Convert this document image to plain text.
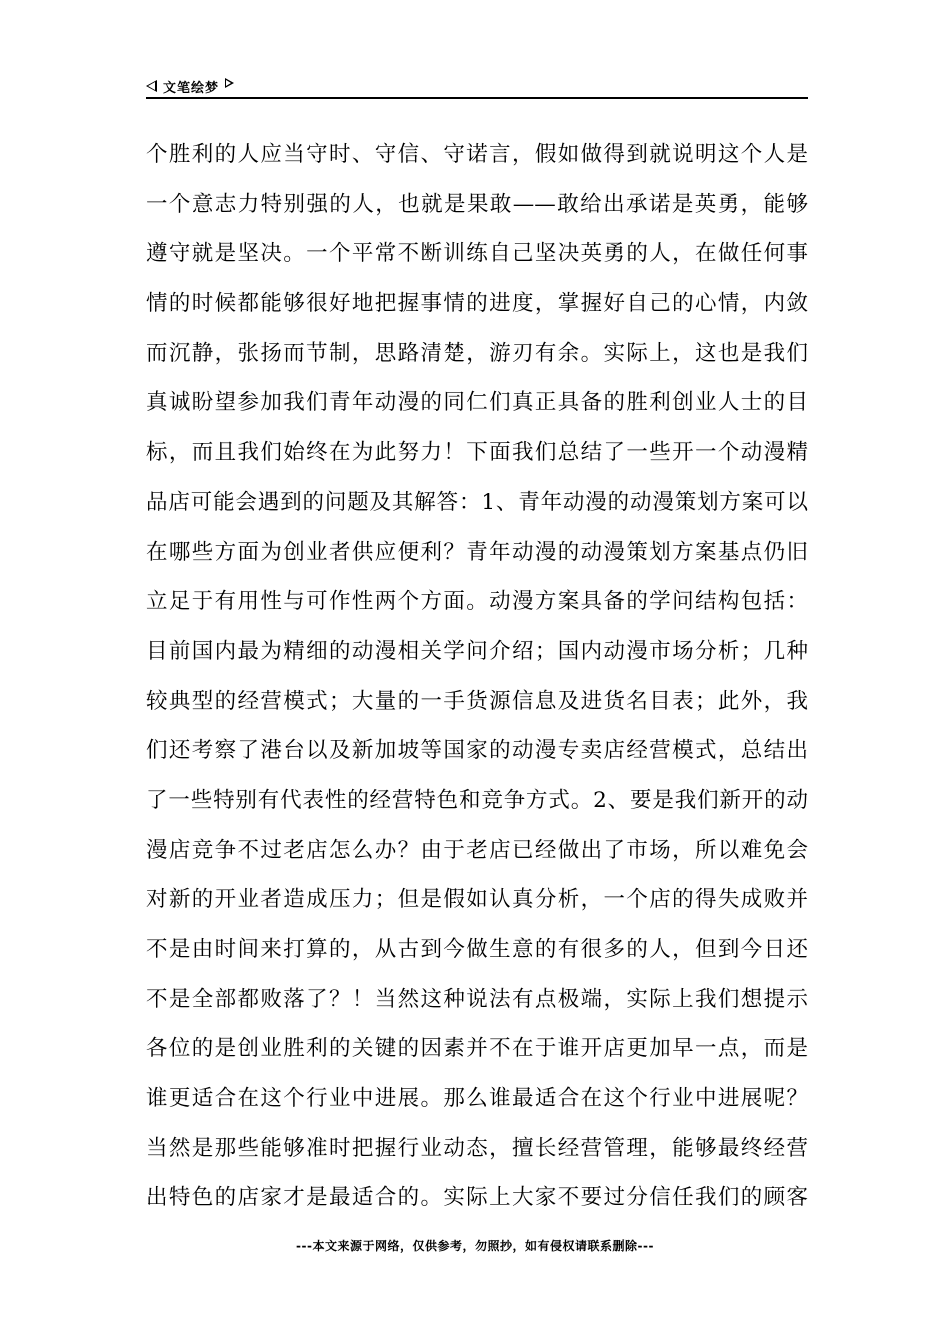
文笔绘梦
个胜利的人应当守时、守信、守诺言，假如做得到就说明这个人是
一个意志力特别强的人，也就是果敢——敢给出承诺是英勇，能够
遵守就是坚决。一个平常不断训练自己坚决英勇的人，在做任何事
情的时候都能够很好地把握事情的进度，掌握好自己的心情，内敛
而沉静，张扬而节制，思路清楚，游刃有余。实际上，这也是我们
真诚盼望参加我们青年动漫的同仁们真正具备的胜利创业人士的目
标，而且我们始终在为此努力！下面我们总结了一些开一个动漫精
品店可能会遇到的问题及其解答：1、青年动漫的动漫策划方案可以
在哪些方面为创业者供应便利？青年动漫的动漫策划方案基点仍旧
立足于有用性与可作性两个方面。动漫方案具备的学问结构包括：
目前国内最为精细的动漫相关学问介绍；国内动漫市场分析；几种
较典型的经营模式；大量的一手货源信息及进货名目表；此外，我
们还考察了港台以及新加坡等国家的动漫专卖店经营模式，总结出
了一些特别有代表性的经营特色和竞争方式。2、要是我们新开的动
漫店竞争不过老店怎么办？由于老店已经做出了市场，所以难免会
对新的开业者造成压力；但是假如认真分析，一个店的得失成败并
不是由时间来打算的，从古到今做生意的有很多的人，但到今日还
不是全部都败落了？！当然这种说法有点极端，实际上我们想提示
各位的是创业胜利的关键的因素并不在于谁开店更加早一点，而是
谁更适合在这个行业中进展。那么谁最适合在这个行业中进展呢？
当然是那些能够准时把握行业动态，擅长经营管理，能够最终经营
出特色的店家才是最适合的。实际上大家不要过分信任我们的顾客
---本文来源于网络，仅供参考，勿照抄，如有侵权请联系删除---
